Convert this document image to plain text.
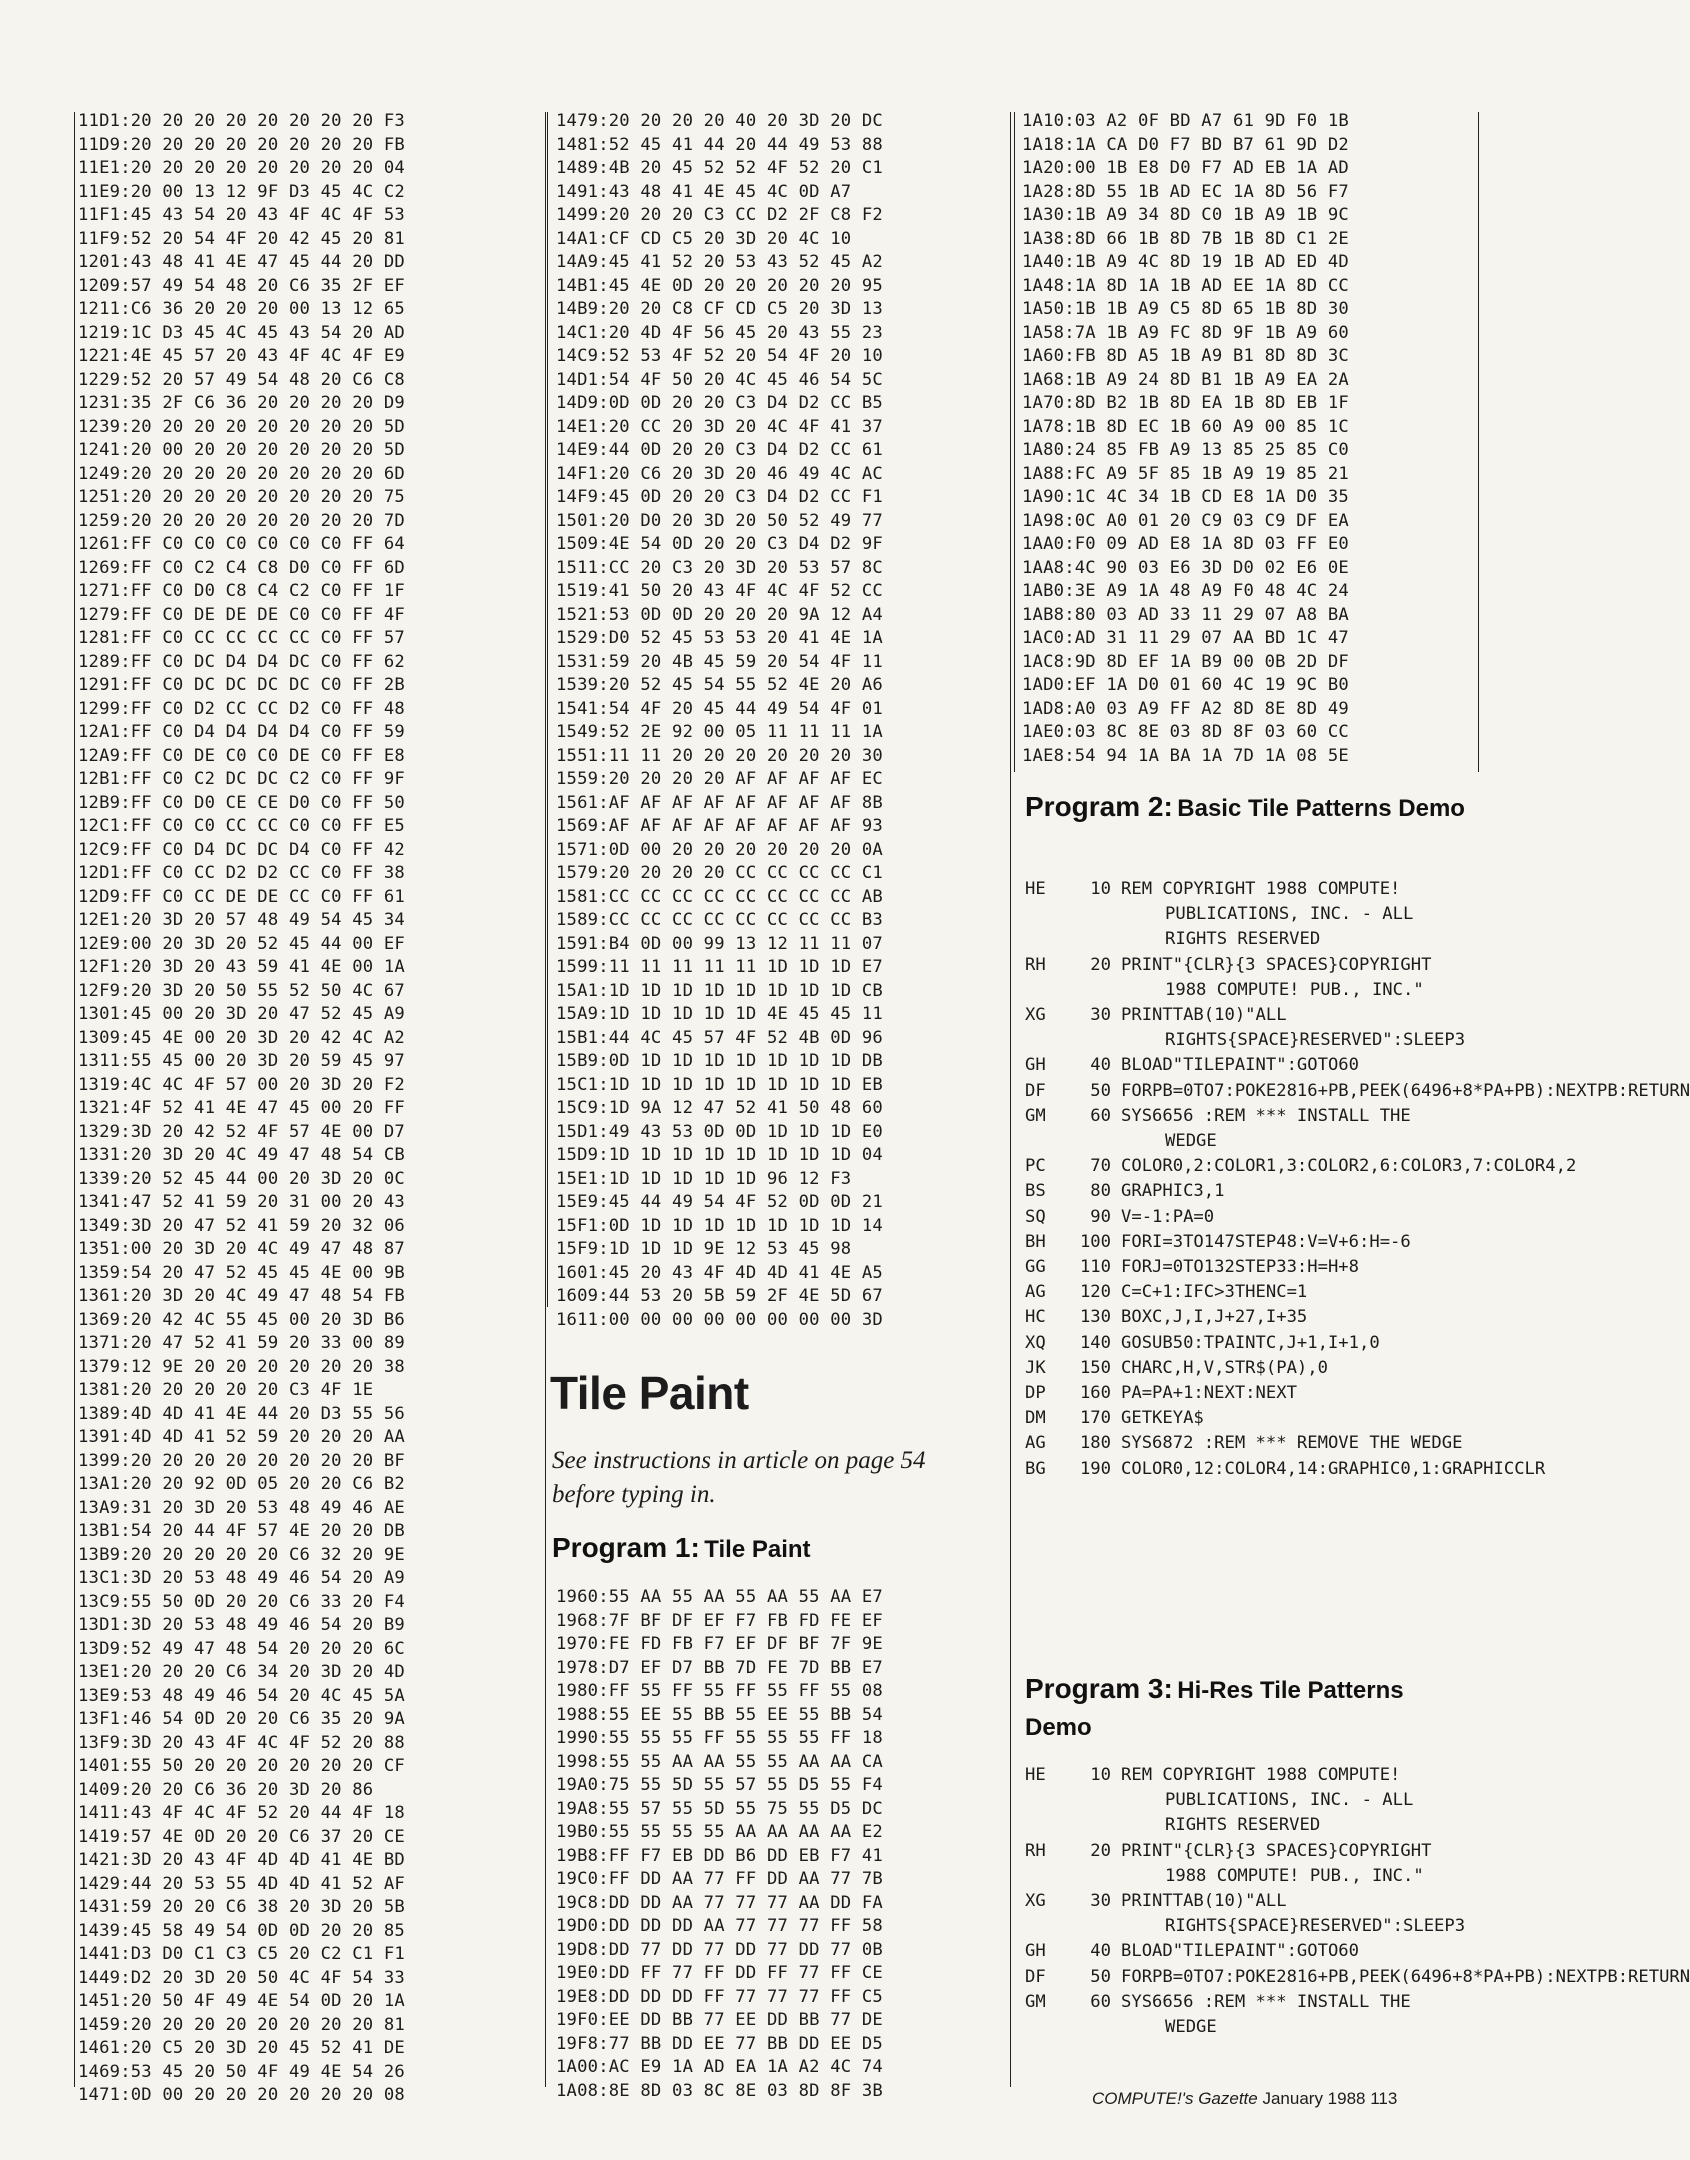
11D1:20 20 20 20 20 20 20 20 F3
11D9:20 20 20 20 20 20 20 20 FB
11E1:20 20 20 20 20 20 20 20 04
11E9:20 00 13 12 9F D3 45 4C C2
11F1:45 43 54 20 43 4F 4C 4F 53
11F9:52 20 54 4F 20 42 45 20 81
1201:43 48 41 4E 47 45 44 20 DD
1209:57 49 54 48 20 C6 35 2F EF
1211:C6 36 20 20 20 00 13 12 65
1219:1C D3 45 4C 45 43 54 20 AD
1221:4E 45 57 20 43 4F 4C 4F E9
1229:52 20 57 49 54 48 20 C6 C8
1231:35 2F C6 36 20 20 20 20 D9
1239:20 20 20 20 20 20 20 20 5D
1241:20 00 20 20 20 20 20 20 5D
1249:20 20 20 20 20 20 20 20 6D
1251:20 20 20 20 20 20 20 20 75
1259:20 20 20 20 20 20 20 20 7D
1261:FF C0 C0 C0 C0 C0 C0 FF 64
1269:FF C0 C2 C4 C8 D0 C0 FF 6D
1271:FF C0 D0 C8 C4 C2 C0 FF 1F
1279:FF C0 DE DE DE C0 C0 FF 4F
1281:FF C0 CC CC CC CC C0 FF 57
1289:FF C0 DC D4 D4 DC C0 FF 62
1291:FF C0 DC DC DC DC C0 FF 2B
1299:FF C0 D2 CC CC D2 C0 FF 48
12A1:FF C0 D4 D4 D4 D4 C0 FF 59
12A9:FF C0 DE C0 C0 DE C0 FF E8
12B1:FF C0 C2 DC DC C2 C0 FF 9F
12B9:FF C0 D0 CE CE D0 C0 FF 50
12C1:FF C0 C0 CC CC C0 C0 FF E5
12C9:FF C0 D4 DC DC D4 C0 FF 42
12D1:FF C0 CC D2 D2 CC C0 FF 38
12D9:FF C0 CC DE DE CC C0 FF 61
12E1:20 3D 20 57 48 49 54 45 34
12E9:00 20 3D 20 52 45 44 00 EF
12F1:20 3D 20 43 59 41 4E 00 1A
12F9:20 3D 20 50 55 52 50 4C 67
1301:45 00 20 3D 20 47 52 45 A9
1309:45 4E 00 20 3D 20 42 4C A2
1311:55 45 00 20 3D 20 59 45 97
1319:4C 4C 4F 57 00 20 3D 20 F2
1321:4F 52 41 4E 47 45 00 20 FF
1329:3D 20 42 52 4F 57 4E 00 D7
1331:20 3D 20 4C 49 47 48 54 CB
1339:20 52 45 44 00 20 3D 20 0C
1341:47 52 41 59 20 31 00 20 43
1349:3D 20 47 52 41 59 20 32 06
1351:00 20 3D 20 4C 49 47 48 87
1359:54 20 47 52 45 45 4E 00 9B
1361:20 3D 20 4C 49 47 48 54 FB
1369:20 42 4C 55 45 00 20 3D B6
1371:20 47 52 41 59 20 33 00 89
1379:12 9E 20 20 20 20 20 20 38
1381:20 20 20 20 20 C3 4F 1E
1389:4D 4D 41 4E 44 20 D3 55 56
1391:4D 4D 41 52 59 20 20 20 AA
1399:20 20 20 20 20 20 20 20 BF
13A1:20 20 92 0D 05 20 20 C6 B2
13A9:31 20 3D 20 53 48 49 46 AE
13B1:54 20 44 4F 57 4E 20 20 DB
13B9:20 20 20 20 20 C6 32 20 9E
13C1:3D 20 53 48 49 46 54 20 A9
13C9:55 50 0D 20 20 C6 33 20 F4
13D1:3D 20 53 48 49 46 54 20 B9
13D9:52 49 47 48 54 20 20 20 6C
13E1:20 20 20 C6 34 20 3D 20 4D
13E9:53 48 49 46 54 20 4C 45 5A
13F1:46 54 0D 20 20 C6 35 20 9A
13F9:3D 20 43 4F 4C 4F 52 20 88
1401:55 50 20 20 20 20 20 20 CF
1409:20 20 C6 36 20 3D 20 86
1411:43 4F 4C 4F 52 20 44 4F 18
1419:57 4E 0D 20 20 C6 37 20 CE
1421:3D 20 43 4F 4D 4D 41 4E BD
1429:44 20 53 55 4D 4D 41 52 AF
1431:59 20 20 C6 38 20 3D 20 5B
1439:45 58 49 54 0D 0D 20 20 85
1441:D3 D0 C1 C3 C5 20 C2 C1 F1
1449:D2 20 3D 20 50 4C 4F 54 33
1451:20 50 4F 49 4E 54 0D 20 1A
1459:20 20 20 20 20 20 20 20 81
1461:20 C5 20 3D 20 45 52 41 DE
1469:53 45 20 50 4F 49 4E 54 26
1471:0D 00 20 20 20 20 20 20 08
1479:20 20 20 20 40 20 3D 20 DC
1481:52 45 41 44 20 44 49 53 88
1489:4B 20 45 52 52 4F 52 20 C1
1491:43 48 41 4E 45 4C 0D A7
1499:20 20 20 C3 CC D2 2F C8 F2
14A1:CF CD C5 20 3D 20 4C 10
14A9:45 41 52 20 53 43 52 45 A2
14B1:45 4E 0D 20 20 20 20 20 95
14B9:20 20 C8 CF CD C5 20 3D 13
14C1:20 4D 4F 56 45 20 43 55 23
14C9:52 53 4F 52 20 54 4F 20 10
14D1:54 4F 50 20 4C 45 46 54 5C
14D9:0D 0D 20 20 C3 D4 D2 CC B5
14E1:20 CC 20 3D 20 4C 4F 41 37
14E9:44 0D 20 20 C3 D4 D2 CC 61
14F1:20 C6 20 3D 20 46 49 4C AC
14F9:45 0D 20 20 C3 D4 D2 CC F1
1501:20 D0 20 3D 20 50 52 49 77
1509:4E 54 0D 20 20 C3 D4 D2 9F
1511:CC 20 C3 20 3D 20 53 57 8C
1519:41 50 20 43 4F 4C 4F 52 CC
1521:53 0D 0D 20 20 20 9A 12 A4
1529:D0 52 45 53 53 20 41 4E 1A
1531:59 20 4B 45 59 20 54 4F 11
1539:20 52 45 54 55 52 4E 20 A6
1541:54 4F 20 45 44 49 54 4F 01
1549:52 2E 92 00 05 11 11 11 1A
1551:11 11 20 20 20 20 20 20 30
1559:20 20 20 20 AF AF AF AF EC
1561:AF AF AF AF AF AF AF AF 8B
1569:AF AF AF AF AF AF AF AF 93
1571:0D 00 20 20 20 20 20 20 0A
1579:20 20 20 20 CC CC CC CC C1
1581:CC CC CC CC CC CC CC CC AB
1589:CC CC CC CC CC CC CC CC B3
1591:B4 0D 00 99 13 12 11 11 07
1599:11 11 11 11 11 1D 1D 1D E7
15A1:1D 1D 1D 1D 1D 1D 1D 1D CB
15A9:1D 1D 1D 1D 1D 4E 45 45 11
15B1:44 4C 45 57 4F 52 4B 0D 96
15B9:0D 1D 1D 1D 1D 1D 1D 1D DB
15C1:1D 1D 1D 1D 1D 1D 1D 1D EB
15C9:1D 9A 12 47 52 41 50 48 60
15D1:49 43 53 0D 0D 1D 1D 1D E0
15D9:1D 1D 1D 1D 1D 1D 1D 1D 04
15E1:1D 1D 1D 1D 1D 96 12 F3
15E9:45 44 49 54 4F 52 0D 0D 21
15F1:0D 1D 1D 1D 1D 1D 1D 1D 14
15F9:1D 1D 1D 9E 12 53 45 98
1601:45 20 43 4F 4D 4D 41 4E A5
1609:44 53 20 5B 59 2F 4E 5D 67
1611:00 00 00 00 00 00 00 00 3D
1960:55 AA 55 AA 55 AA 55 AA E7
1968:7F BF DF EF F7 FB FD FE EF
1970:FE FD FB F7 EF DF BF 7F 9E
1978:D7 EF D7 BB 7D FE 7D BB E7
1980:FF 55 FF 55 FF 55 FF 55 08
1988:55 EE 55 BB 55 EE 55 BB 54
1990:55 55 55 FF 55 55 55 FF 18
1998:55 55 AA AA 55 55 AA AA CA
19A0:75 55 5D 55 57 55 D5 55 F4
19A8:55 57 55 5D 55 75 55 D5 DC
19B0:55 55 55 55 AA AA AA AA E2
19B8:FF F7 EB DD B6 DD EB F7 41
19C0:FF DD AA 77 FF DD AA 77 7B
19C8:DD DD AA 77 77 77 AA DD FA
19D0:DD DD DD AA 77 77 77 FF 58
19D8:DD 77 DD 77 DD 77 DD 77 0B
19E0:DD FF 77 FF DD FF 77 FF CE
19E8:DD DD DD FF 77 77 77 FF C5
19F0:EE DD BB 77 EE DD BB 77 DE
19F8:77 BB DD EE 77 BB DD EE D5
1A00:AC E9 1A AD EA 1A A2 4C 74
1A08:8E 8D 03 8C 8E 03 8D 8F 3B
1A10:03 A2 0F BD A7 61 9D F0 1B
1A18:1A CA D0 F7 BD B7 61 9D D2
1A20:00 1B E8 D0 F7 AD EB 1A AD
1A28:8D 55 1B AD EC 1A 8D 56 F7
1A30:1B A9 34 8D C0 1B A9 1B 9C
1A38:8D 66 1B 8D 7B 1B 8D C1 2E
1A40:1B A9 4C 8D 19 1B AD ED 4D
1A48:1A 8D 1A 1B AD EE 1A 8D CC
1A50:1B 1B A9 C5 8D 65 1B 8D 30
1A58:7A 1B A9 FC 8D 9F 1B A9 60
1A60:FB 8D A5 1B A9 B1 8D 8D 3C
1A68:1B A9 24 8D B1 1B A9 EA 2A
1A70:8D B2 1B 8D EA 1B 8D EB 1F
1A78:1B 8D EC 1B 60 A9 00 85 1C
1A80:24 85 FB A9 13 85 25 85 C0
1A88:FC A9 5F 85 1B A9 19 85 21
1A90:1C 4C 34 1B CD E8 1A D0 35
1A98:0C A0 01 20 C9 03 C9 DF EA
1AA0:F0 09 AD E8 1A 8D 03 FF E0
1AA8:4C 90 03 E6 3D D0 02 E6 0E
1AB0:3E A9 1A 48 A9 F0 48 4C 24
1AB8:80 03 AD 33 11 29 07 A8 BA
1AC0:AD 31 11 29 07 AA BD 1C 47
1AC8:9D 8D EF 1A B9 00 0B 2D DF
1AD0:EF 1A D0 01 60 4C 19 9C B0
1AD8:A0 03 A9 FF A2 8D 8E 8D 49
1AE0:03 8C 8E 03 8D 8F 03 60 CC
1AE8:54 94 1A BA 1A 7D 1A 08 5E
Tile Paint
See instructions in article on page 54 before typing in.
Program 1: Tile Paint
Program 2: Basic Tile Patterns Demo
HE	10 REM COPYRIGHT 1988 COMPUTE! PUBLICATIONS, INC. - ALL RIGHTS RESERVED
RH	20 PRINT"{CLR}{3 SPACES}COPYRIGHT 1988 COMPUTE! PUB., INC."
XG	30 PRINTTAB(10)"ALL RIGHTS{SPACE}RESERVED":SLEEP3
GH	40 BLOAD"TILEPAINT":GOTO60
DF	50 FORPB=0TO7:POKE2816+PB,PEEK(6496+8*PA+PB):NEXTPB:RETURN
GM	60 SYS6656 :REM *** INSTALL THE WEDGE
PC	70 COLOR0,2:COLOR1,3:COLOR2,6:COLOR3,7:COLOR4,2
BS	80 GRAPHIC3,1
SQ	90 V=-1:PA=0
BH	100 FORI=3TO147STEP48:V=V+6:H=-6
GG	110 FORJ=0TO132STEP33:H=H+8
AG	120 C=C+1:IFC>3THENC=1
HC	130 BOXC,J,I,J+27,I+35
XQ	140 GOSUB50:TPAINTC,J+1,I+1,0
JK	150 CHARC,H,V,STR$(PA),0
DP	160 PA=PA+1:NEXT:NEXT
DM	170 GETKEYA$
AG	180 SYS6872 :REM *** REMOVE THE WEDGE
BG	190 COLOR0,12:COLOR4,14:GRAPHIC0,1:GRAPHICCLR
Program 3: Hi-Res Tile Patterns Demo
HE	10 REM COPYRIGHT 1988 COMPUTE! PUBLICATIONS, INC. - ALL RIGHTS RESERVED
RH	20 PRINT"{CLR}{3 SPACES}COPYRIGHT 1988 COMPUTE! PUB., INC."
XG	30 PRINTTAB(10)"ALL RIGHTS{SPACE}RESERVED":SLEEP3
GH	40 BLOAD"TILEPAINT":GOTO60
DF	50 FORPB=0TO7:POKE2816+PB,PEEK(6496+8*PA+PB):NEXTPB:RETURN
GM	60 SYS6656 :REM *** INSTALL THE WEDGE
COMPUTE!'s Gazette January 1988 113
